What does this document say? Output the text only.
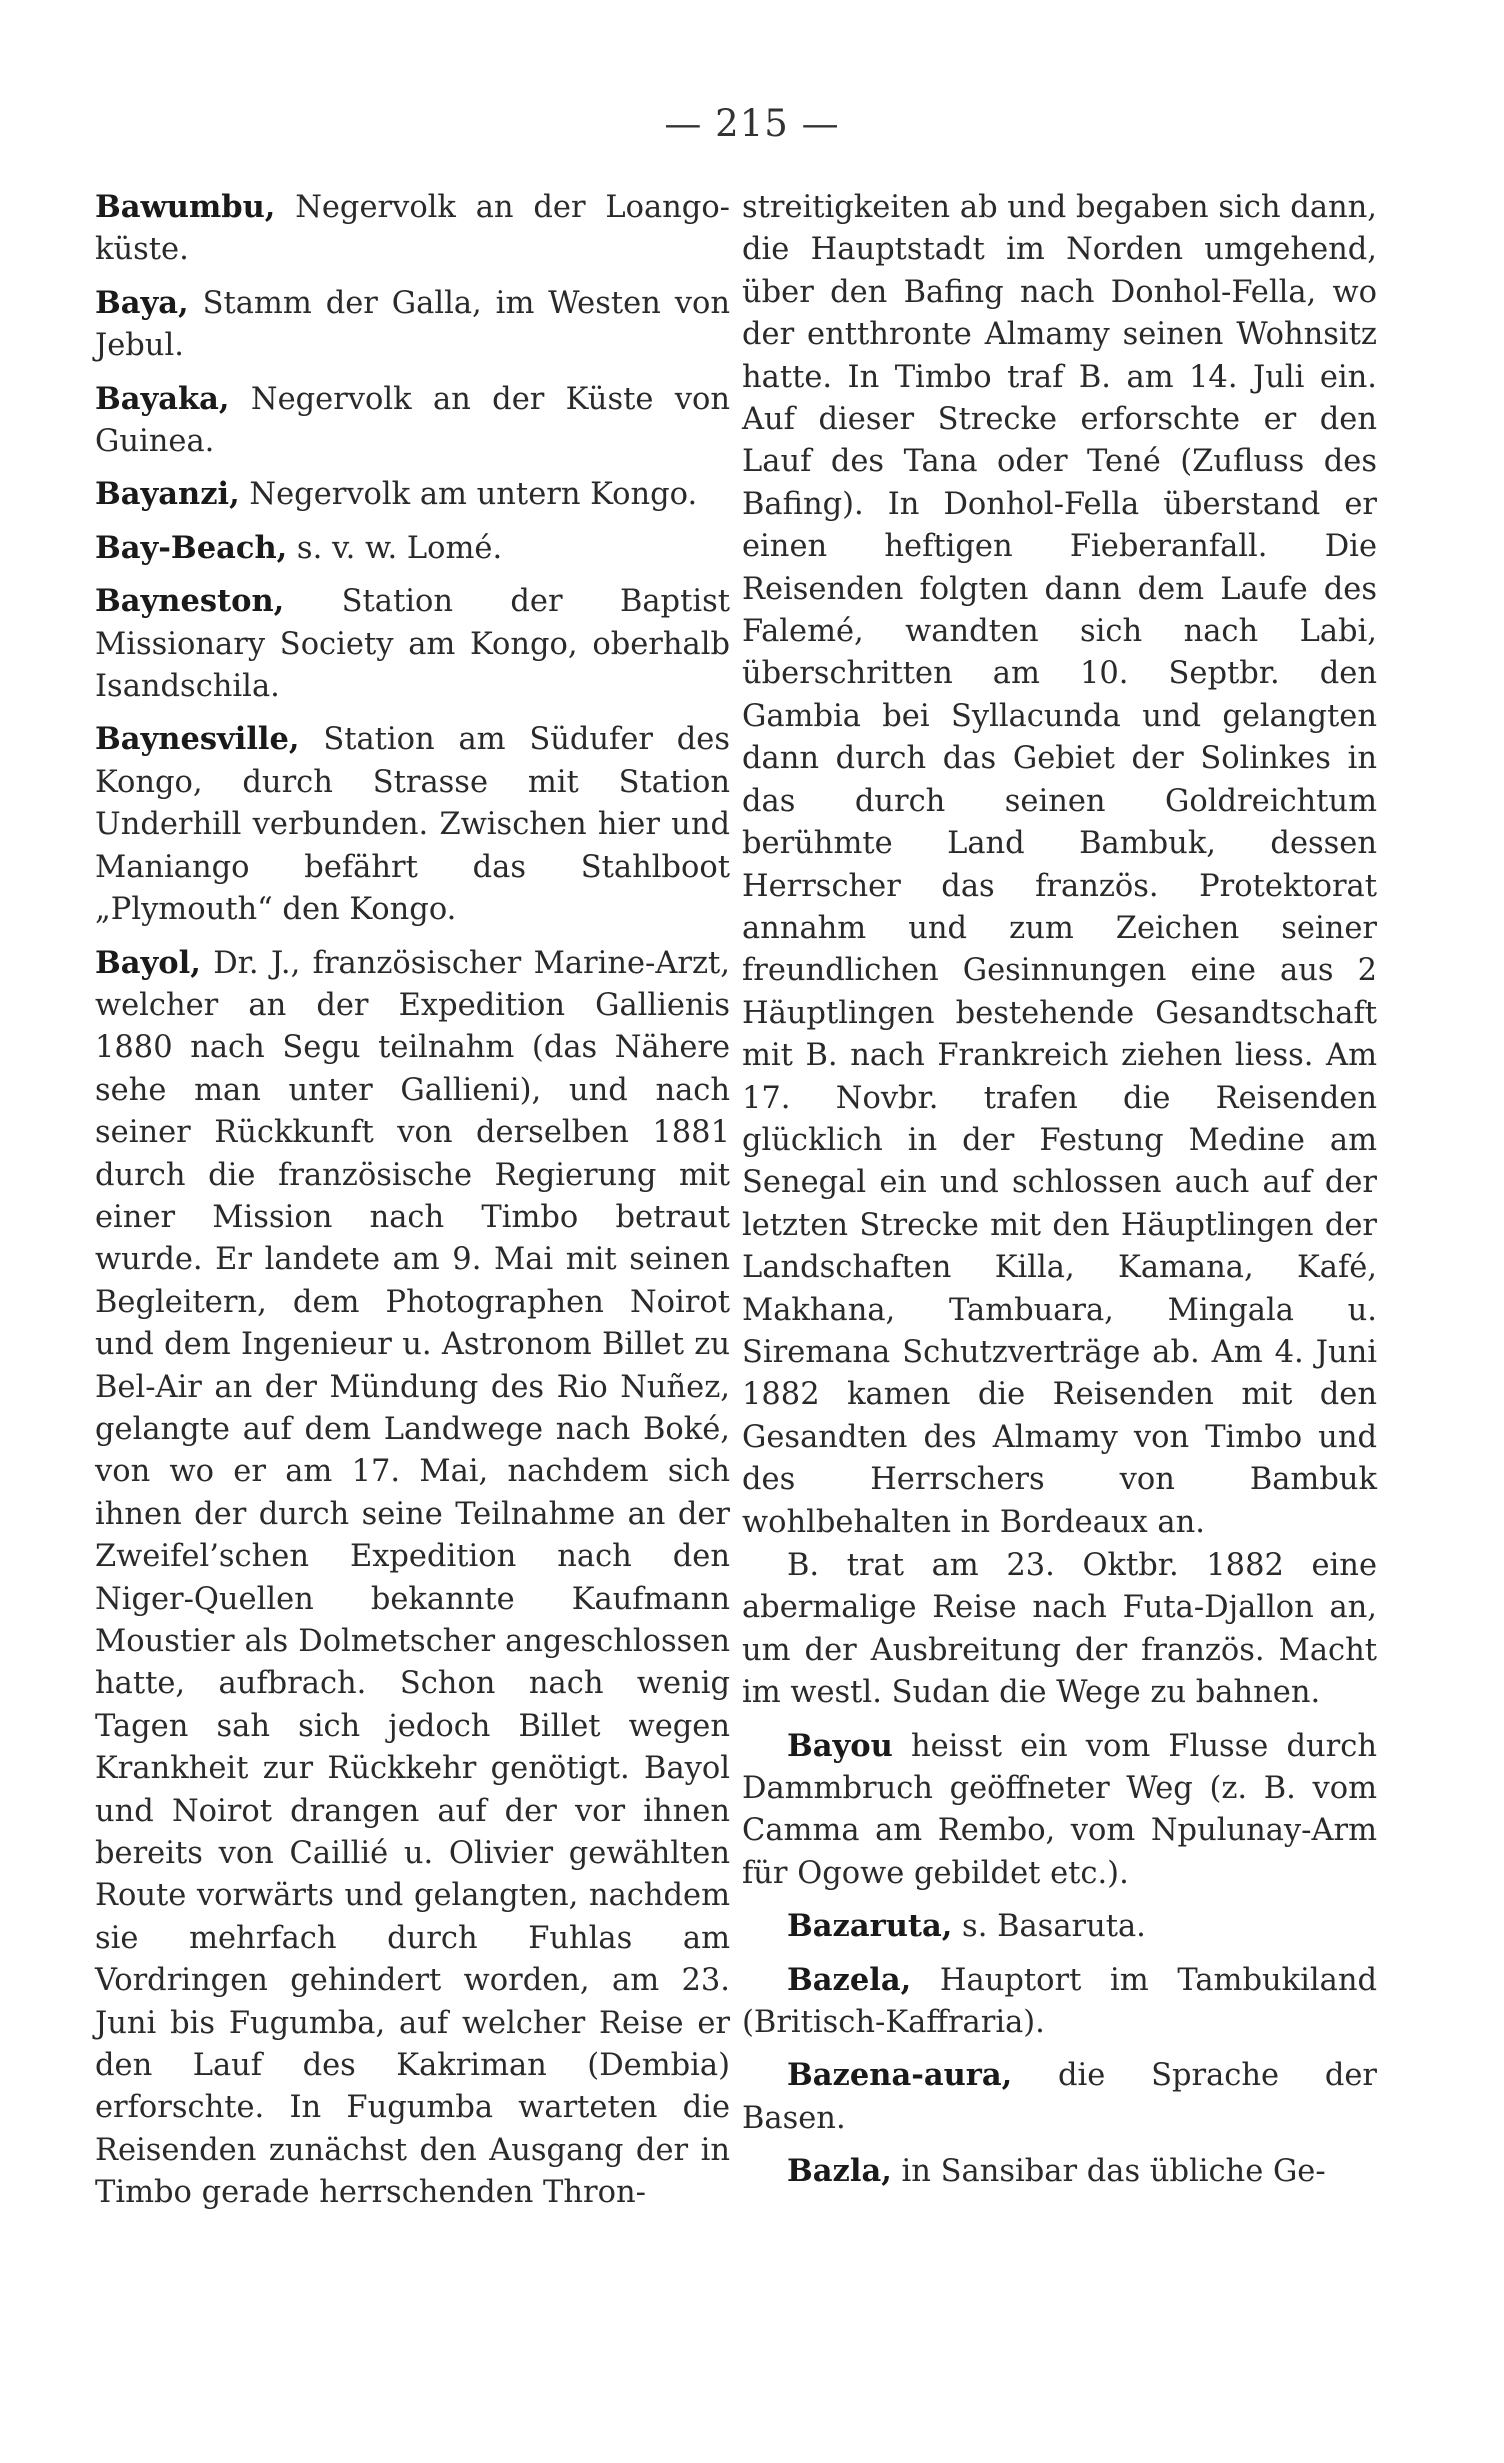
— 215 —

Bawumbu, Negervolk an der Loango-küste.

Baya, Stamm der Galla, im Westen von Jebul.

Bayaka, Negervolk an der Küste von Guinea.

Bayanzi, Negervolk am untern Kongo.

Bay-Beach, s. v. w. Lomé.

Bayneston, Station der Baptist Missionary Society am Kongo, oberhalb Isandschila.

Baynesville, Station am Südufer des Kongo, durch Strasse mit Station Underhill verbunden. Zwischen hier und Maniango befährt das Stahlboot „Plymouth“ den Kongo.

Bayol, Dr. J., französischer Marine-Arzt, welcher an der Expedition Gallienis 1880 nach Segu teilnahm (das Nähere sehe man unter Gallieni), und nach seiner Rückkunft von derselben 1881 durch die französische Regierung mit einer Mission nach Timbo betraut wurde. Er landete am 9. Mai mit seinen Begleitern, dem Photographen Noirot und dem Ingenieur u. Astronom Billet zu Bel-Air an der Mündung des Rio Nuñez, gelangte auf dem Landwege nach Boké, von wo er am 17. Mai, nachdem sich ihnen der durch seine Teilnahme an der Zweifel’schen Expedition nach den Niger-Quellen bekannte Kaufmann Moustier als Dolmetscher angeschlossen hatte, aufbrach. Schon nach wenig Tagen sah sich jedoch Billet wegen Krankheit zur Rückkehr genötigt. Bayol und Noirot drangen auf der vor ihnen bereits von Caillié u. Olivier gewählten Route vorwärts und gelangten, nachdem sie mehrfach durch Fuhlas am Vordringen gehindert worden, am 23. Juni bis Fugumba, auf welcher Reise er den Lauf des Kakriman (Dembia) erforschte. In Fugumba warteten die Reisenden zunächst den Ausgang der in Timbo gerade herrschenden Thron-

streitigkeiten ab und begaben sich dann, die Hauptstadt im Norden umgehend, über den Bafing nach Donhol-Fella, wo der entthronte Almamy seinen Wohnsitz hatte. In Timbo traf B. am 14. Juli ein. Auf dieser Strecke erforschte er den Lauf des Tana oder Tené (Zufluss des Bafing). In Donhol-Fella überstand er einen heftigen Fieberanfall. Die Reisenden folgten dann dem Laufe des Falemé, wandten sich nach Labi, überschritten am 10. Septbr. den Gambia bei Syllacunda und gelangten dann durch das Gebiet der Solinkes in das durch seinen Goldreichtum berühmte Land Bambuk, dessen Herrscher das französ. Protektorat annahm und zum Zeichen seiner freundlichen Gesinnungen eine aus 2 Häuptlingen bestehende Gesandtschaft mit B. nach Frankreich ziehen liess. Am 17. Novbr. trafen die Reisenden glücklich in der Festung Medine am Senegal ein und schlossen auch auf der letzten Strecke mit den Häuptlingen der Landschaften Killa, Kamana, Kafé, Makhana, Tambuara, Mingala u. Siremana Schutzverträge ab. Am 4. Juni 1882 kamen die Reisenden mit den Gesandten des Almamy von Timbo und des Herrschers von Bambuk wohlbehalten in Bordeaux an.

B. trat am 23. Oktbr. 1882 eine abermalige Reise nach Futa-Djallon an, um der Ausbreitung der französ. Macht im westl. Sudan die Wege zu bahnen.

Bayou heisst ein vom Flusse durch Dammbruch geöffneter Weg (z. B. vom Camma am Rembo, vom Npulunay-Arm für Ogowe gebildet etc.).

Bazaruta, s. Basaruta.

Bazela, Hauptort im Tambukiland (Britisch-Kaffraria).

Bazena-aura, die Sprache der Basen.

Bazla, in Sansibar das übliche Ge-
